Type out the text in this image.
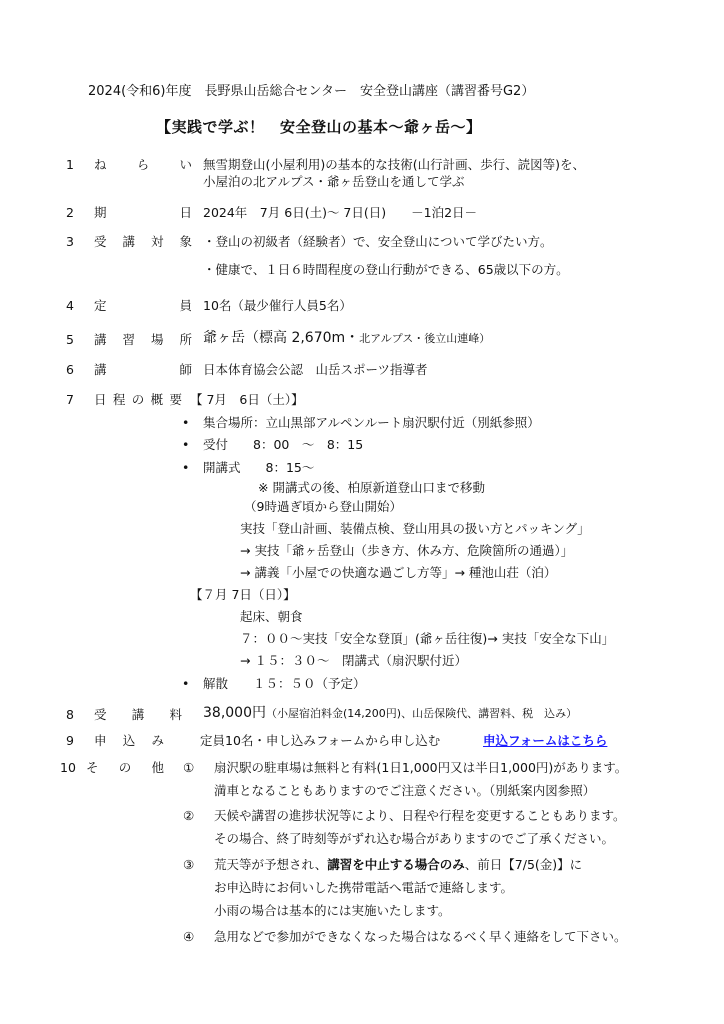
2024(令和6)年度　長野県山岳総合センター　安全登山講座（講習番号G2）
【実践で学ぶ！　安全登山の基本〜爺ヶ岳〜】
1 ね ら い 無雪期登山(小屋利用)の基本的な技術(山行計画、歩行、読図等)を、
小屋泊の北アルプス・爺ヶ岳登山を通して学ぶ
2 期	日 2024年　7月 6日(土)〜 7日(日)　　－1泊2日－
3 受 講 対 象 ・登山の初級者（経験者）で、安全登山について学びたい方。
・健康で、１日６時間程度の登山行動ができる、65歳以下の方。
4 定	員 10名（最少催行人員5名）
5 講 習 場 所 爺ヶ岳（標高 2,670m・北アルプス・後立山連峰）
6 講	師 日本体育協会公認　山岳スポーツ指導者
7 日 程 の 概 要 【 7月　6日（土）】
• 集合場所：立山黒部アルペンルート扇沢駅付近（別紙参照）
• 受付　　8：00　〜　8：15
• 開講式　　8：15〜
※ 開講式の後、柏原新道登山口まで移動
（9時過ぎ頃から登山開始）
実技「登山計画、装備点検、登山用具の扱い方とパッキング」
→ 実技「爺ヶ岳登山（歩き方、休み方、危険箇所の通過）」
→ 講義「小屋での快適な過ごし方等」→ 種池山荘（泊）
【７月 7日（日）】
起床、朝食
７：００〜実技「安全な登頂」(爺ヶ岳往復)→ 実技「安全な下山」
→ １５：３０〜　閉講式（扇沢駅付近）
• 解散　　１５：５０（予定）
8 受 講 料 38,000円（小屋宿泊料金(14,200円)、山岳保険代、講習料、税　込み）
9 申 込 み	定員10名・申し込みフォームから申し込む	申込フォームはこちら
10 そ の 他 ① 扇沢駅の駐車場は無料と有料(1日1,000円又は半日1,000円)があります。
満車となることもありますのでご注意ください。（別紙案内図参照）
② 天候や講習の進捗状況等により、日程や行程を変更することもあります。
その場合、終了時刻等がずれ込む場合がありますのでご了承ください。
③ 荒天等が予想され、講習を中止する場合のみ、前日【7/5(金)】に
お申込時にお伺いした携帯電話へ電話で連絡します。
小雨の場合は基本的には実施いたします。
④ 急用などで参加ができなくなった場合はなるべく早く連絡をして下さい。
